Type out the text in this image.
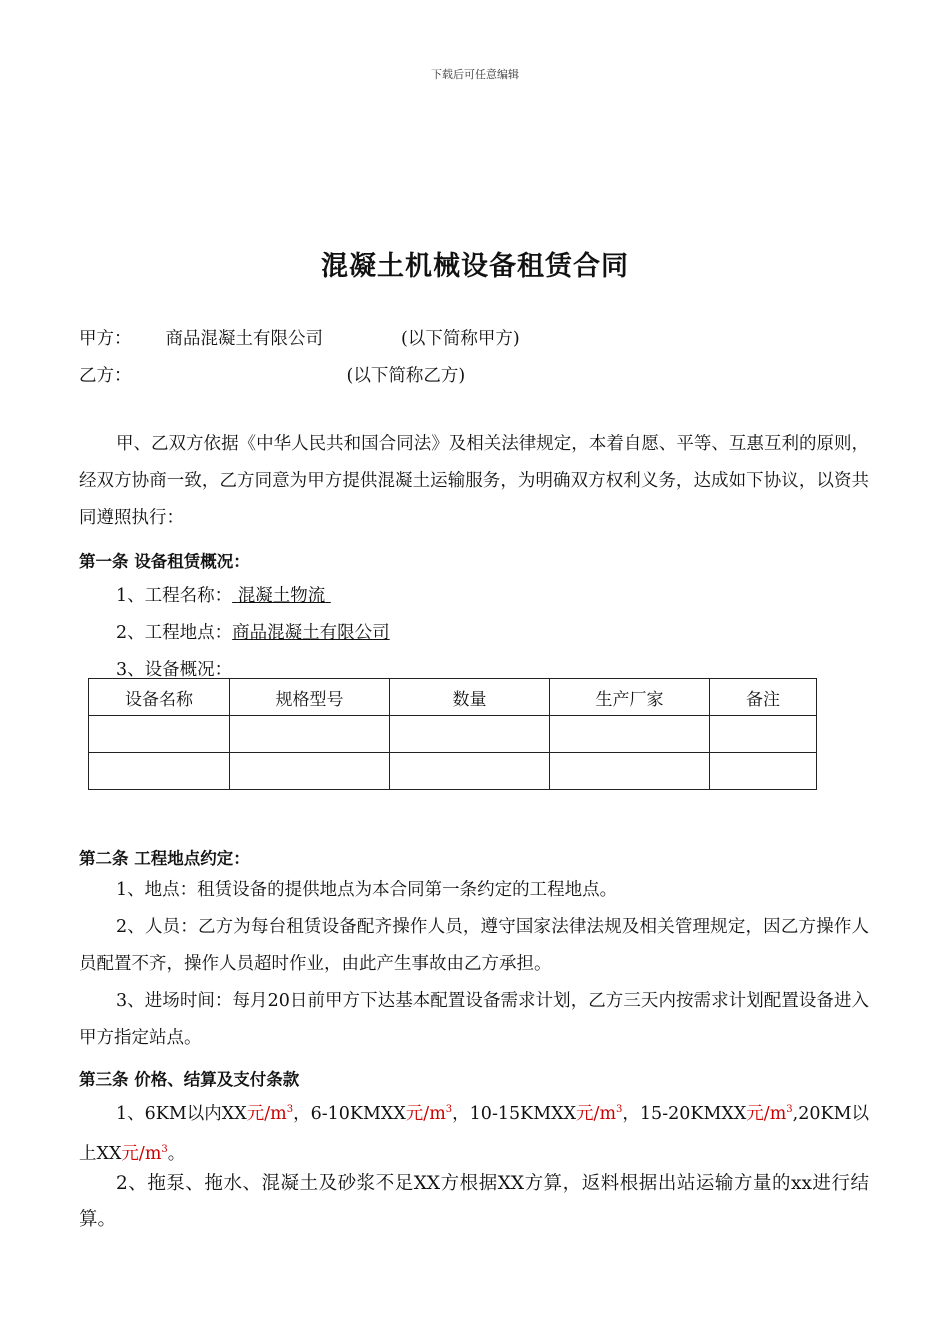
下载后可任意编辑
混凝土机械设备租赁合同
甲方： 商品混凝土有限公司	(以下简称甲方)
乙方：	(以下简称乙方)
甲、乙双方依据《中华人民共和国合同法》及相关法律规定，本着自愿、平等、互惠互利的原则，经双方协商一致，乙方同意为甲方提供混凝土运输服务，为明确双方权利义务，达成如下协议，以资共同遵照执行：
第一条 设备租赁概况：
1、工程名称： 混凝土物流
2、工程地点：商品混凝土有限公司
3、设备概况：
设备名称	规格型号	数量	生产厂家	备注

第二条 工程地点约定：
1、地点：租赁设备的提供地点为本合同第一条约定的工程地点。
2、人员：乙方为每台租赁设备配齐操作人员，遵守国家法律法规及相关管理规定，因乙方操作人员配置不齐，操作人员超时作业，由此产生事故由乙方承担。
3、进场时间：每月20日前甲方下达基本配置设备需求计划，乙方三天内按需求计划配置设备进入甲方指定站点。
第三条 价格、结算及支付条款
1、6KM以内XX元$/m^3$，6-10KMXX元$/m^3$，10-15KMXX元$/m^3$，15-20KMXX元$/m^3,20KM$以上XX元$/m^3$。
2、拖泵、拖水、混凝土及砂浆不足XX方根据XX方算，返料根据出站运输方量的xx进行结算。
